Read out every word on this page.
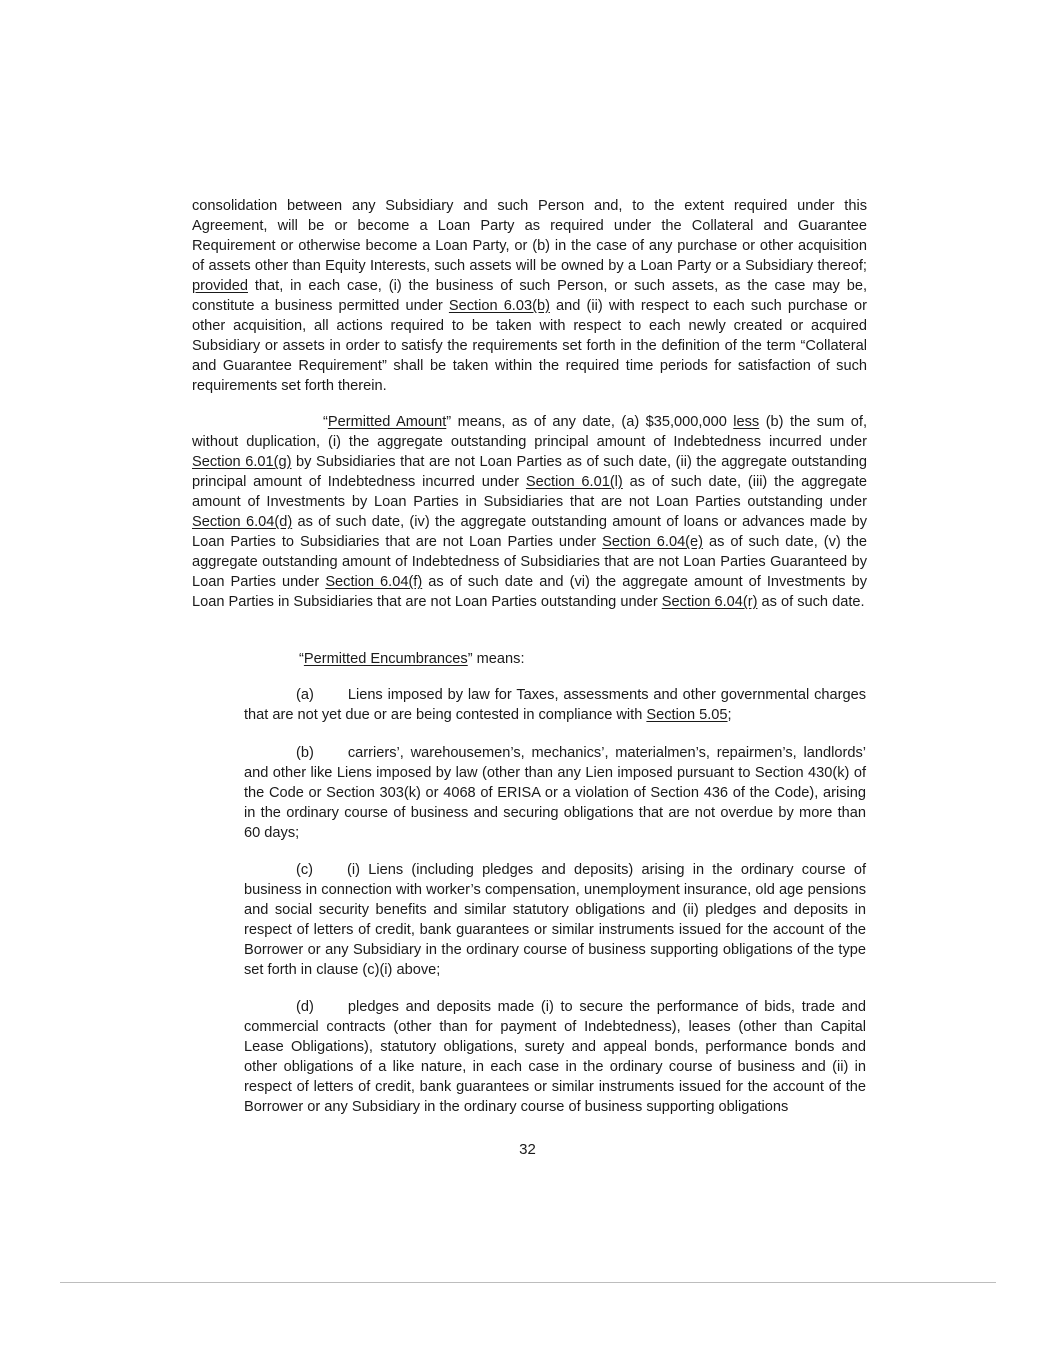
consolidation between any Subsidiary and such Person and, to the extent required under this Agreement, will be or become a Loan Party as required under the Collateral and Guarantee Requirement or otherwise become a Loan Party, or (b) in the case of any purchase or other acquisition of assets other than Equity Interests, such assets will be owned by a Loan Party or a Subsidiary thereof; provided that, in each case, (i) the business of such Person, or such assets, as the case may be, constitute a business permitted under Section 6.03(b) and (ii) with respect to each such purchase or other acquisition, all actions required to be taken with respect to each newly created or acquired Subsidiary or assets in order to satisfy the requirements set forth in the definition of the term “Collateral and Guarantee Requirement” shall be taken within the required time periods for satisfaction of such requirements set forth therein.

“Permitted Amount” means, as of any date, (a) $35,000,000 less (b) the sum of, without duplication, (i) the aggregate outstanding principal amount of Indebtedness incurred under Section 6.01(g) by Subsidiaries that are not Loan Parties as of such date, (ii) the aggregate outstanding principal amount of Indebtedness incurred under Section 6.01(l) as of such date, (iii) the aggregate amount of Investments by Loan Parties in Subsidiaries that are not Loan Parties outstanding under Section 6.04(d) as of such date, (iv) the aggregate outstanding amount of loans or advances made by Loan Parties to Subsidiaries that are not Loan Parties under Section 6.04(e) as of such date, (v) the aggregate outstanding amount of Indebtedness of Subsidiaries that are not Loan Parties Guaranteed by Loan Parties under Section 6.04(f) as of such date and (vi) the aggregate amount of Investments by Loan Parties in Subsidiaries that are not Loan Parties outstanding under Section 6.04(r) as of such date.

“Permitted Encumbrances” means:

(a) Liens imposed by law for Taxes, assessments and other governmental charges that are not yet due or are being contested in compliance with Section 5.05;

(b) carriers’, warehousemen’s, mechanics’, materialmen’s, repairmen’s, landlords’ and other like Liens imposed by law (other than any Lien imposed pursuant to Section 430(k) of the Code or Section 303(k) or 4068 of ERISA or a violation of Section 436 of the Code), arising in the ordinary course of business and securing obligations that are not overdue by more than 60 days;

(c) (i) Liens (including pledges and deposits) arising in the ordinary course of business in connection with worker’s compensation, unemployment insurance, old age pensions and social security benefits and similar statutory obligations and (ii) pledges and deposits in respect of letters of credit, bank guarantees or similar instruments issued for the account of the Borrower or any Subsidiary in the ordinary course of business supporting obligations of the type set forth in clause (c)(i) above;

(d) pledges and deposits made (i) to secure the performance of bids, trade and commercial contracts (other than for payment of Indebtedness), leases (other than Capital Lease Obligations), statutory obligations, surety and appeal bonds, performance bonds and other obligations of a like nature, in each case in the ordinary course of business and (ii) in respect of letters of credit, bank guarantees or similar instruments issued for the account of the Borrower or any Subsidiary in the ordinary course of business supporting obligations

32
